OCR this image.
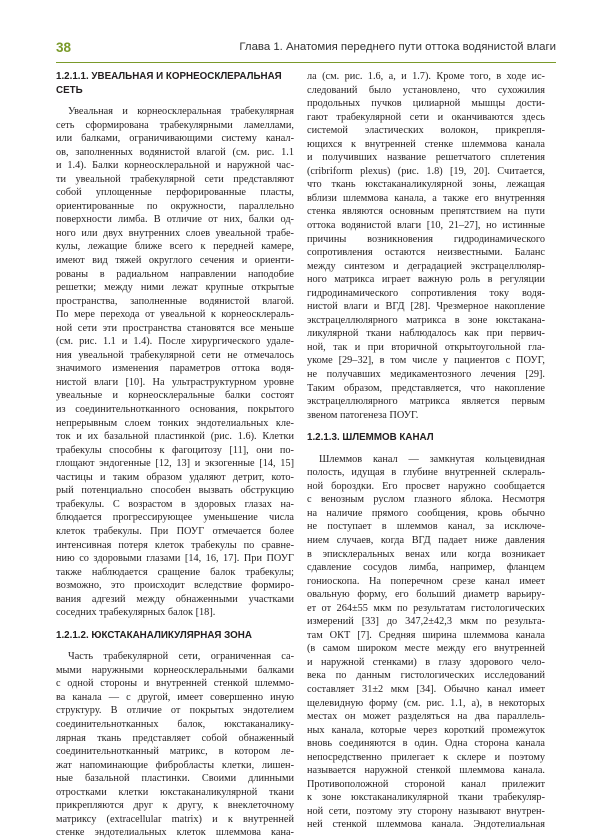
38	Глава 1. Анатомия переднего пути оттока водянистой влаги
1.2.1.1. УВЕАЛЬНАЯ И КОРНЕОСКЛЕРАЛЬНАЯ
СЕТЬ
Увеальная и корнеосклеральная трабекулярная
сеть сформирована трабекулярными ламеллами,
или балками, ограничивающими систему канал-
ов, заполненных водянистой влагой (см. рис. 1.1
и 1.4). Балки корнеосклеральной и наружной час-
ти увеальной трабекулярной сети представляют
собой уплощенные перфорированные пласты,
ориентированные по окружности, параллельно
поверхности лимба. В отличие от них, балки од-
ного или двух внутренних слоев увеальной трабе-
кулы, лежащие ближе всего к передней камере,
имеют вид тяжей округлого сечения и ориенти-
рованы в радиальном направлении наподобие
решетки; между ними лежат крупные открытые
пространства, заполненные водянистой влагой.
По мере перехода от увеальной к корнеосклераль-
ной сети эти пространства становятся все меньше
(см. рис. 1.1 и 1.4). После хирургического удале-
ния увеальной трабекулярной сети не отмечалось
значимого изменения параметров оттока водя-
нистой влаги [10]. На ультраструктурном уровне
увеальные и корнеосклеральные балки состоят
из соединительнотканного основания, покрытого
непрерывным слоем тонких эндотелиальных кле-
ток и их базальной пластинкой (рис. 1.6). Клетки
трабекулы способны к фагоцитозу [11], они по-
глощают эндогенные [12, 13] и экзогенные [14, 15]
частицы и таким образом удаляют детрит, кото-
рый потенциально способен вызвать обструкцию
трабекулы. С возрастом в здоровых глазах на-
блюдается прогрессирующее уменьшение числа
клеток трабекулы. При ПОУГ отмечается более
интенсивная потеря клеток трабекулы по сравне-
нию со здоровыми глазами [14, 16, 17]. При ПОУГ
также наблюдается сращение балок трабекулы;
возможно, это происходит вследствие формиро-
вания адгезий между обнаженными участками
соседних трабекулярных балок [18].
1.2.1.2. ЮКСТАКАНАЛИКУЛЯРНАЯ ЗОНА
Часть трабекулярной сети, ограниченная са-
мыми наружными корнеосклеральными балками
с одной стороны и внутренней стенкой шлеммо-
ва канала — с другой, имеет совершенно иную
структуру. В отличие от покрытых эндотелием
соединительнотканных балок, юкстаканалику-
лярная ткань представляет собой обнаженный
соединительнотканный матрикс, в котором ле-
жат напоминающие фибробласты клетки, лишен-
ные базальной пластинки. Своими длинными
отростками клетки юкстаканаликулярной ткани
прикрепляются друг к другу, к внеклеточному
матриксу (extracellular matrix) и к внутренней
стенке эндотелиальных клеток шлеммова кана-
ла (см. рис. 1.6, а, и 1.7). Кроме того, в ходе ис-
следований было установлено, что сухожилия
продольных пучков цилиарной мышцы дости-
гают трабекулярной сети и оканчиваются здесь
системой эластических волокон, прикрепля-
ющихся к внутренней стенке шлеммова канала
и получивших название решетчатого сплетения
(cribriform plexus) (рис. 1.8) [19, 20]. Считается,
что ткань юкстаканаликулярной зоны, лежащая
вблизи шлеммова канала, а также его внутренняя
стенка являются основным препятствием на пути
оттока водянистой влаги [10, 21–27], но истинные
причины возникновения гидродинамического
сопротивления остаются неизвестными. Баланс
между синтезом и деградацией экстрацеллюляр-
ного матрикса играет важную роль в регуляции
гидродинамического сопротивления току водя-
нистой влаги и ВГД [28]. Чрезмерное накопление
экстрацеллюлярного матрикса в зоне юкстакана-
ликулярной ткани наблюдалось как при первич-
ной, так и при вторичной открытоугольной гла-
укоме [29–32], в том числе у пациентов с ПОУГ,
не получавших медикаментозного лечения [29].
Таким образом, представляется, что накопление
экстрацеллюлярного матрикса является первым
звеном патогенеза ПОУГ.
1.2.1.3. ШЛЕММОВ КАНАЛ
Шлеммов канал — замкнутая кольцевидная
полость, идущая в глубине внутренней склераль-
ной бороздки. Его просвет наружно сообщается
с венозным руслом глазного яблока. Несмотря
на наличие прямого сообщения, кровь обычно
не поступает в шлеммов канал, за исключе-
нием случаев, когда ВГД падает ниже давления
в эписклеральных венах или когда возникает
сдавление сосудов лимба, например, фланцем
гониоскопа. На поперечном срезе канал имеет
овальную форму, его больший диаметр варьиру-
ет от 264±55 мкм по результатам гистологических
измерений [33] до 347,2±42,3 мкм по результа-
там ОКТ [7]. Средняя ширина шлеммова канала
(в самом широком месте между его внутренней
и наружной стенками) в глазу здорового чело-
века по данным гистологических исследований
составляет 31±2 мкм [34]. Обычно канал имеет
щелевидную форму (см. рис. 1.1, а), в некоторых
местах он может разделяться на два параллель-
ных канала, которые через короткий промежуток
вновь соединяются в один. Одна сторона канала
непосредственно прилегает к склере и поэтому
называется наружной стенкой шлеммова канала.
Противоположной стороной канал прилежит
к зоне юкстаканаликулярной ткани трабекуляр-
ной сети, поэтому эту сторону называют внутрен-
ней стенкой шлеммова канала. Эндотелиальная
